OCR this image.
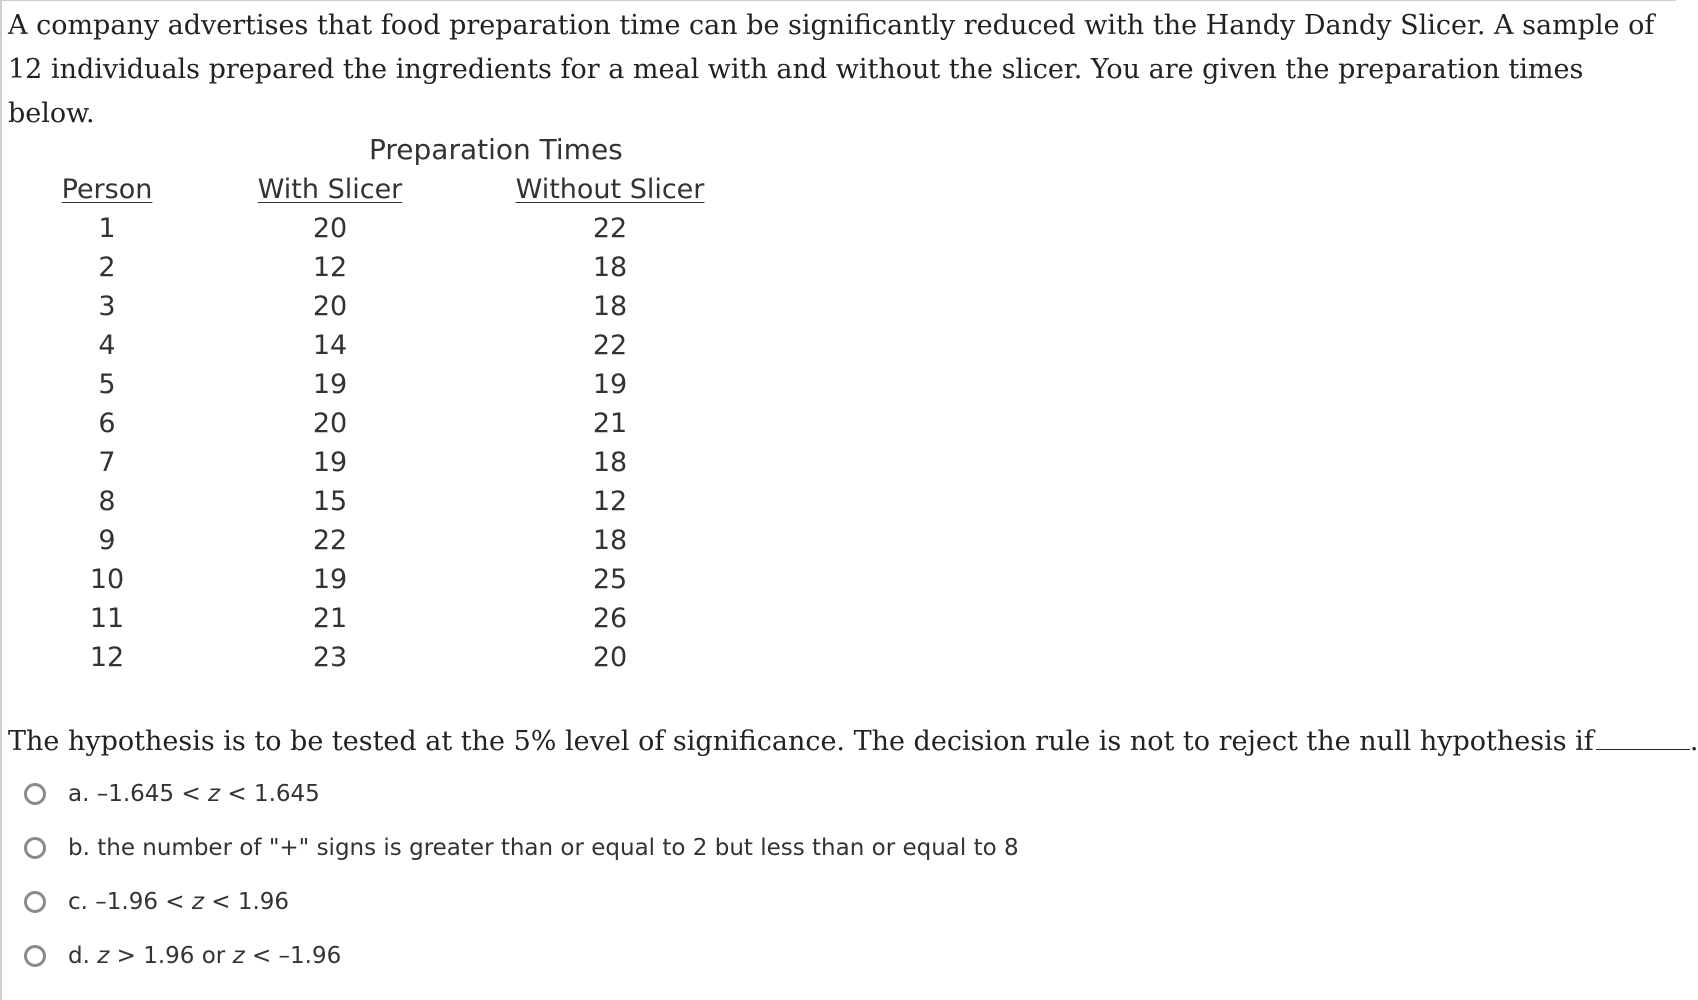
A company advertises that food preparation time can be significantly reduced with the Handy Dandy Slicer. A sample of 12 individuals prepared the ingredients for a meal with and without the slicer. You are given the preparation times below.

Preparation Times
Person
1
2
3
4
5
6
7
8
9
10
11
12
With Slicer
20
12
20
14
19
20
19
15
22
19
21
23
Without Slicer
22
18
18
22
19
21
18
12
18
25
26
20

The hypothesis is to be tested at the 5% level of significance. The decision rule is not to reject the null hypothesis if	.

a. –1.645 < z < 1.645
b. the number of "+" signs is greater than or equal to 2 but less than or equal to 8
c. –1.96 < z < 1.96
d. z > 1.96 or z < –1.96
